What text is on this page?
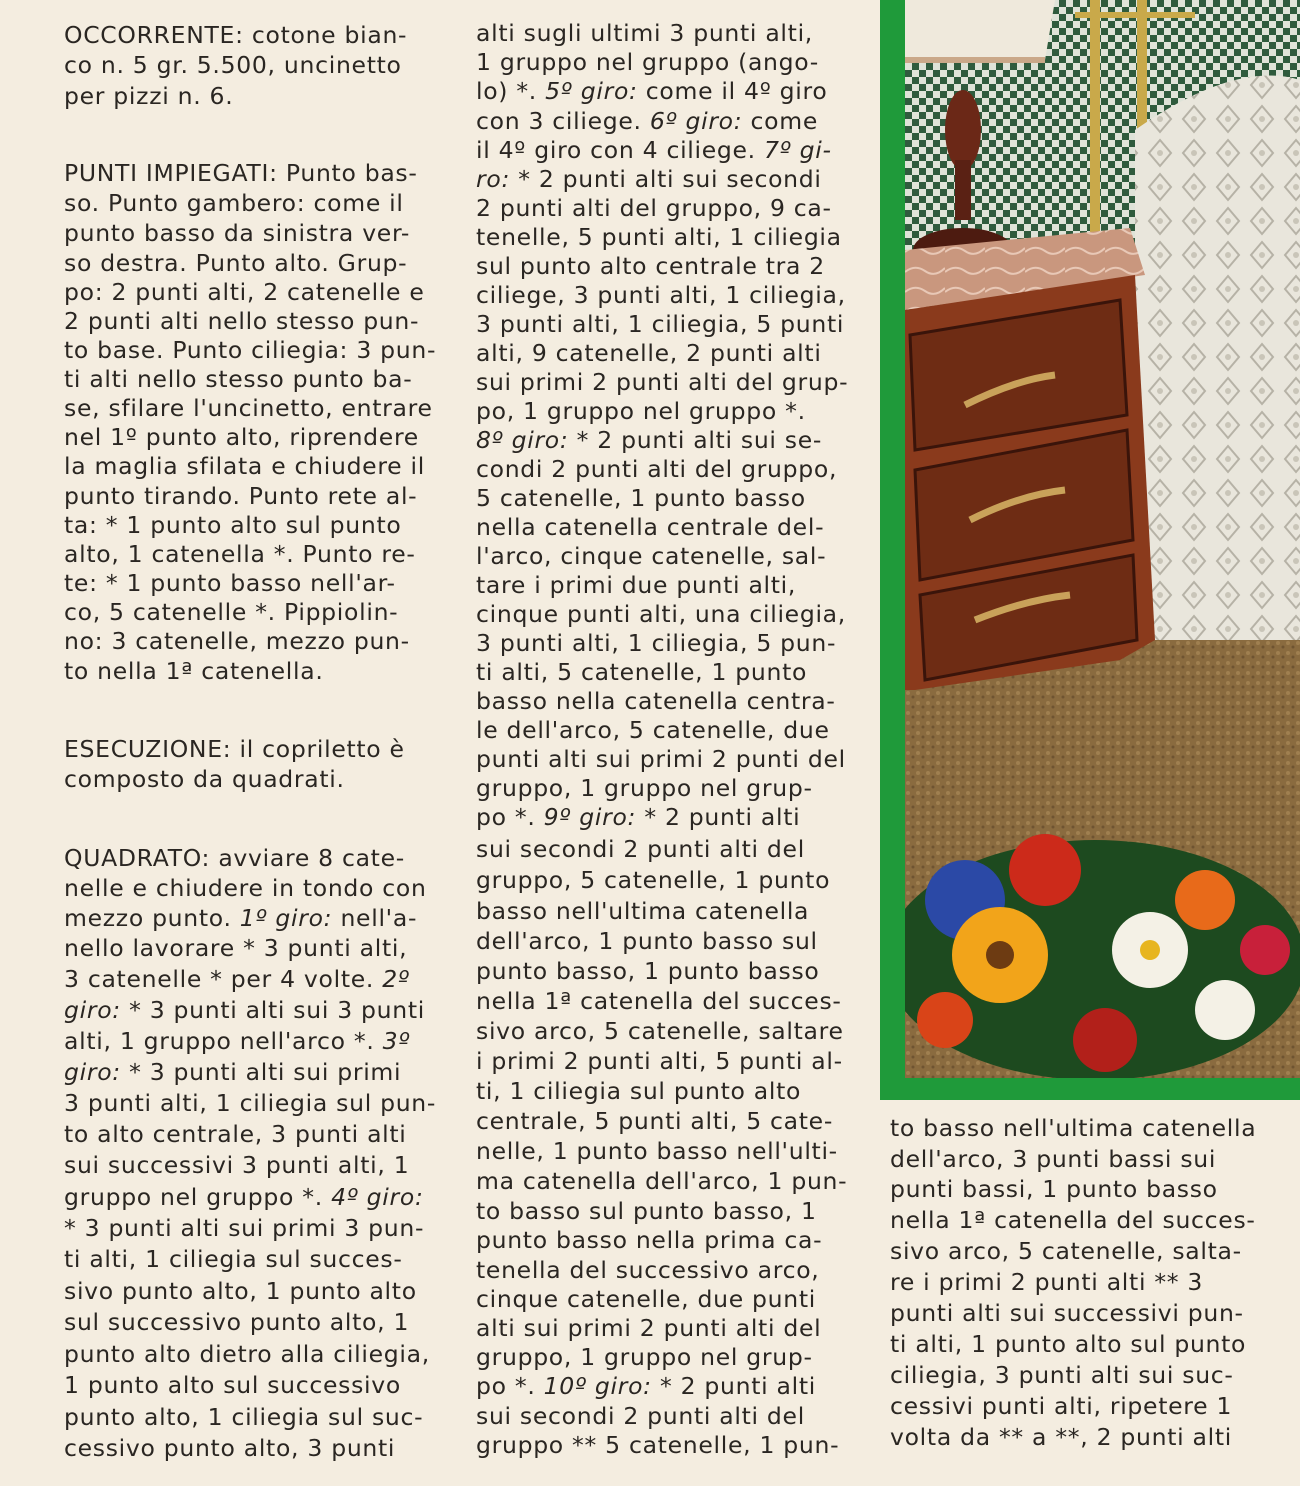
OCCORRENTE: cotone bian-
co n. 5 gr. 5.500, uncinetto
per pizzi n. 6.
PUNTI IMPIEGATI: Punto bas-
so. Punto gambero: come il
punto basso da sinistra ver-
so destra. Punto alto. Grup-
po: 2 punti alti, 2 catenelle e
2 punti alti nello stesso pun-
to base. Punto ciliegia: 3 pun-
ti alti nello stesso punto ba-
se, sfilare l'uncinetto, entrare
nel 1º punto alto, riprendere
la maglia sfilata e chiudere il
punto tirando. Punto rete al-
ta: * 1 punto alto sul punto
alto, 1 catenella *. Punto re-
te: * 1 punto basso nell'ar-
co, 5 catenelle *. Pippiolin-
no: 3 catenelle, mezzo pun-
to nella 1ª catenella.
ESECUZIONE: il copriletto è
composto da quadrati.
QUADRATO: avviare 8 cate-
nelle e chiudere in tondo con
mezzo punto. 1º giro: nell'a-
nello lavorare * 3 punti alti,
3 catenelle * per 4 volte. 2º
giro: * 3 punti alti sui 3 punti
alti, 1 gruppo nell'arco *. 3º
giro: * 3 punti alti sui primi
3 punti alti, 1 ciliegia sul pun-
to alto centrale, 3 punti alti
sui successivi 3 punti alti, 1
gruppo nel gruppo *. 4º giro:
* 3 punti alti sui primi 3 pun-
ti alti, 1 ciliegia sul succes-
sivo punto alto, 1 punto alto
sul successivo punto alto, 1
punto alto dietro alla ciliegia,
1 punto alto sul successivo
punto alto, 1 ciliegia sul suc-
cessivo punto alto, 3 punti
alti sugli ultimi 3 punti alti,
1 gruppo nel gruppo (ango-
lo) *. 5º giro: come il 4º giro
con 3 ciliege. 6º giro: come
il 4º giro con 4 ciliege. 7º gi-
ro: * 2 punti alti sui secondi
2 punti alti del gruppo, 9 ca-
tenelle, 5 punti alti, 1 ciliegia
sul punto alto centrale tra 2
ciliege, 3 punti alti, 1 ciliegia,
3 punti alti, 1 ciliegia, 5 punti
alti, 9 catenelle, 2 punti alti
sui primi 2 punti alti del grup-
po, 1 gruppo nel gruppo *.
8º giro: * 2 punti alti sui se-
condi 2 punti alti del gruppo,
5 catenelle, 1 punto basso
nella catenella centrale del-
l'arco, cinque catenelle, sal-
tare i primi due punti alti,
cinque punti alti, una ciliegia,
3 punti alti, 1 ciliegia, 5 pun-
ti alti, 5 catenelle, 1 punto
basso nella catenella centra-
le dell'arco, 5 catenelle, due
punti alti sui primi 2 punti del
gruppo, 1 gruppo nel grup-
po *. 9º giro: * 2 punti alti
sui secondi 2 punti alti del
gruppo, 5 catenelle, 1 punto
basso nell'ultima catenella
dell'arco, 1 punto basso sul
punto basso, 1 punto basso
nella 1ª catenella del succes-
sivo arco, 5 catenelle, saltare
i primi 2 punti alti, 5 punti al-
ti, 1 ciliegia sul punto alto
centrale, 5 punti alti, 5 cate-
nelle, 1 punto basso nell'ulti-
ma catenella dell'arco, 1 pun-
to basso sul punto basso, 1
punto basso nella prima ca-
tenella del successivo arco,
cinque catenelle, due punti
alti sui primi 2 punti alti del
gruppo, 1 gruppo nel grup-
po *. 10º giro: * 2 punti alti
sui secondi 2 punti alti del
gruppo ** 5 catenelle, 1 pun-
to basso nell'ultima catenella
dell'arco, 3 punti bassi sui
punti bassi, 1 punto basso
nella 1ª catenella del succes-
sivo arco, 5 catenelle, salta-
re i primi 2 punti alti ** 3
punti alti sui successivi pun-
ti alti, 1 punto alto sul punto
ciliegia, 3 punti alti sui suc-
cessivi punti alti, ripetere 1
volta da ** a **, 2 punti alti
